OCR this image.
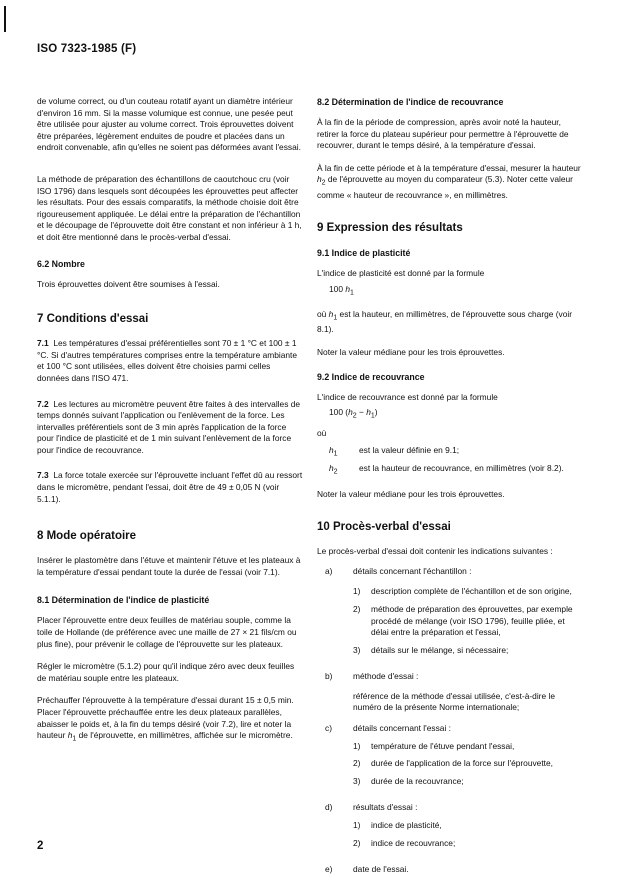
ISO 7323-1985 (F)

de volume correct, ou d'un couteau rotatif ayant un diamètre intérieur d'environ 16 mm. Si la masse volumique est connue, une pesée peut être utilisée pour ajuster au volume correct. Trois éprouvettes doivent être préparées, légèrement enduites de poudre et placées dans un endroit convenable, afin qu'elles ne soient pas déformées avant l'essai.

La méthode de préparation des échantillons de caoutchouc cru (voir ISO 1796) dans lesquels sont découpées les éprouvettes peut affecter les résultats. Pour des essais comparatifs, la méthode choisie doit être rigoureusement appliquée. Le délai entre la préparation de l'échantillon et le découpage de l'éprouvette doit être constant et non inférieur à 1 h, et doit être mentionné dans le procès-verbal d'essai.

6.2 Nombre

Trois éprouvettes doivent être soumises à l'essai.

7 Conditions d'essai

7.1 Les températures d'essai préférentielles sont 70 ± 1 °C et 100 ± 1 °C. Si d'autres températures comprises entre la température ambiante et 100 °C sont utilisées, elles doivent être choisies parmi celles données dans l'ISO 471.

7.2 Les lectures au micromètre peuvent être faites à des intervalles de temps donnés suivant l'application ou l'enlèvement de la force. Les intervalles préférentiels sont de 3 min après l'application de la force pour l'indice de plasticité et de 1 min suivant l'enlèvement de la force pour l'indice de recouvrance.

7.3 La force totale exercée sur l'éprouvette incluant l'effet dû au ressort dans le micromètre, pendant l'essai, doit être de 49 ± 0,05 N (voir 5.1.1).

8 Mode opératoire

Insérer le plastomètre dans l'étuve et maintenir l'étuve et les plateaux à la température d'essai pendant toute la durée de l'essai (voir 7.1).

8.1 Détermination de l'indice de plasticité

Placer l'éprouvette entre deux feuilles de matériau souple, comme la toile de Hollande (de préférence avec une maille de 27 × 21 fils/cm ou plus fine), pour prévenir le collage de l'éprouvette sur les plateaux.

Régler le micromètre (5.1.2) pour qu'il indique zéro avec deux feuilles de matériau souple entre les plateaux.

Préchauffer l'éprouvette à la température d'essai durant 15 ± 0,5 min. Placer l'éprouvette préchauffée entre les deux plateaux parallèles, abaisser le poids et, à la fin du temps désiré (voir 7.2), lire et noter la hauteur $h_1$ de l'éprouvette, en millimètres, affichée sur le micromètre.

8.2 Détermination de l'indice de recouvrance

À la fin de la période de compression, après avoir noté la hauteur, retirer la force du plateau supérieur pour permettre à l'éprouvette de recouvrer, durant le temps désiré, à la température d'essai.

À la fin de cette période et à la température d'essai, mesurer la hauteur $h_2$ de l'éprouvette au moyen du comparateur (5.3). Noter cette valeur comme « hauteur de recouvrance », en millimètres.

9 Expression des résultats
9.1 Indice de plasticité

L'indice de plasticité est donné par la formule

100 $h_1$

où $h_1$ est la hauteur, en millimètres, de l'éprouvette sous charge (voir 8.1).

Noter la valeur médiane pour les trois éprouvettes.

9.2 Indice de recouvrance

L'indice de recouvrance est donné par la formule

100 $(h_2 - h_1)$

où

$h_1$	est la valeur définie en 9.1;
$h_2$	est la hauteur de recouvrance, en millimètres (voir 8.2).

Noter la valeur médiane pour les trois éprouvettes.

10 Procès-verbal d'essai

Le procès-verbal d'essai doit contenir les indications suivantes :

a)	détails concernant l'échantillon :
1)	description complète de l'échantillon et de son origine,
2)	méthode de préparation des éprouvettes, par exemple procédé de mélange (voir ISO 1796), feuille pliée, et délai entre la préparation et l'essai,
3)	détails sur le mélange, si nécessaire;
b)	méthode d'essai :
référence de la méthode d'essai utilisée, c'est-à-dire le numéro de la présente Norme internationale;
c)	détails concernant l'essai :
1)	température de l'étuve pendant l'essai,
2)	durée de l'application de la force sur l'éprouvette,
3)	durée de la recouvrance;
d)	résultats d'essai :
1)	indice de plasticité,
2)	indice de recouvrance;
e)	date de l'essai.
2
